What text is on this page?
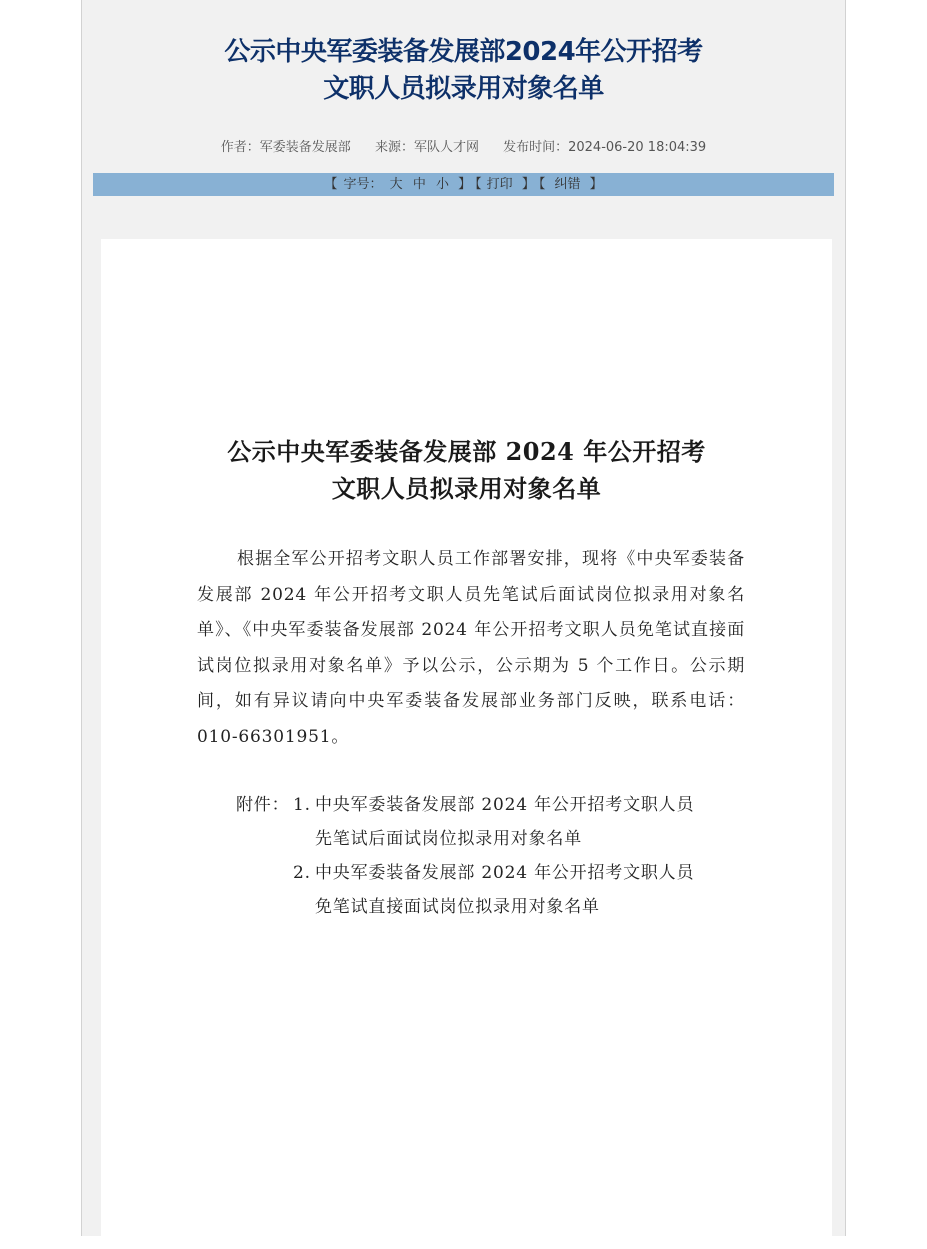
公示中央军委装备发展部2024年公开招考
文职人员拟录用对象名单
作者：军委装备发展部 来源：军队人才网 发布时间：2024-06-20 18:04:39
【 字号： 大 中 小 】 【 打印 】 【 纠错 】
公示中央军委装备发展部 2024 年公开招考
文职人员拟录用对象名单

根据全军公开招考文职人员工作部署安排，现将《中央军委装备发展部 2024 年公开招考文职人员先笔试后面试岗位拟录用对象名单》、《中央军委装备发展部 2024 年公开招考文职人员免笔试直接面试岗位拟录用对象名单》予以公示，公示期为 5 个工作日。公示期间，如有异议请向中央军委装备发展部业务部门反映，联系电话：010-66301951。

附件： 1. 中央军委装备发展部 2024 年公开招考文职人员
先笔试后面试岗位拟录用对象名单
2. 中央军委装备发展部 2024 年公开招考文职人员
免笔试直接面试岗位拟录用对象名单
